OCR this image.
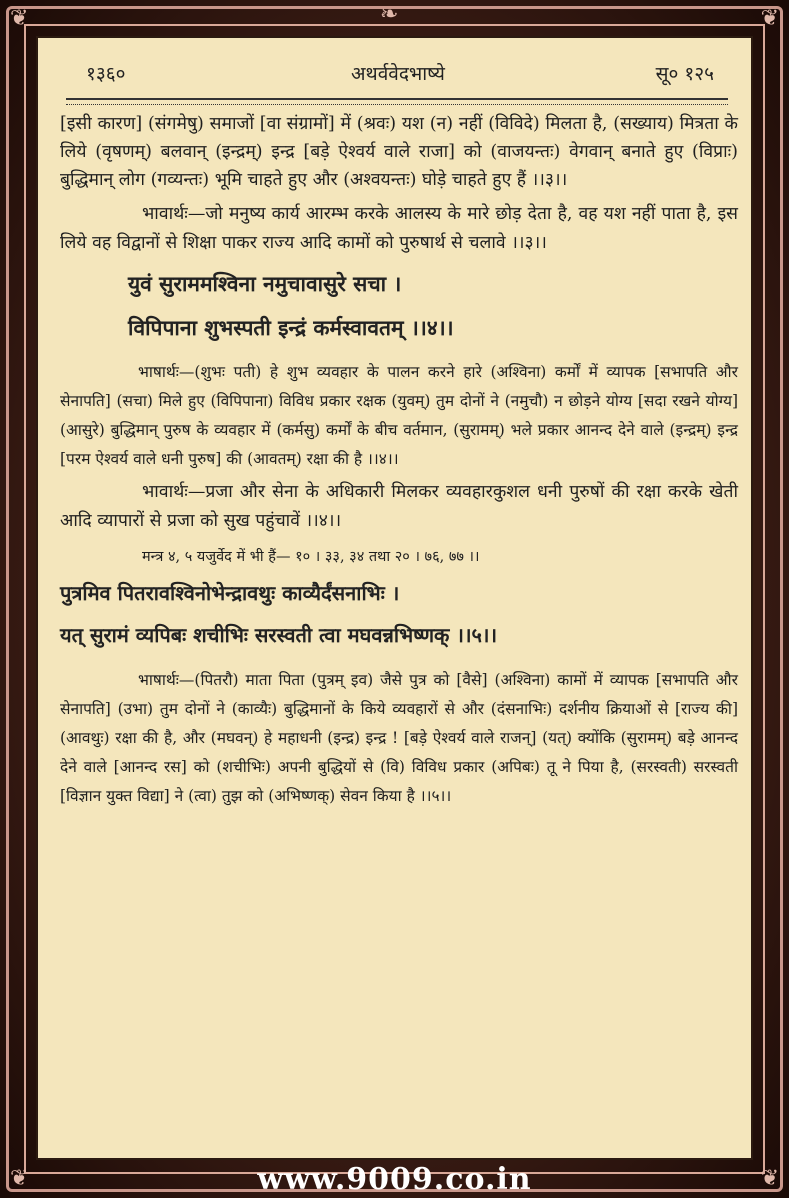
❦	❦
❦	❦
❧
१३६०	अथर्ववेदभाष्ये	सू० १२५

[इसी कारण] (संगमेषु) समाजों [वा संग्रामों] में (श्रवः) यश (न) नहीं (विविदे) मिलता है, (सख्याय) मित्रता के लिये (वृषणम्) बलवान् (इन्द्रम्) इन्द्र [बड़े ऐश्वर्य वाले राजा] को (वाजयन्तः) वेगवान् बनाते हुए (विप्राः) बुद्धिमान् लोग (गव्यन्तः) भूमि चाहते हुए और (अश्वयन्तः) घोड़े चाहते हुए हैं ।।३।।

भावार्थः—जो मनुष्य कार्य आरम्भ करके आलस्य के मारे छोड़ देता है, वह यश नहीं पाता है, इस लिये वह विद्वानों से शिक्षा पाकर राज्य आदि कामों को पुरुषार्थ से चलावे ।।३।।

युवं सुराममश्विना नमुचावासुरे सचा ।
विपिपाना शुभस्पती इन्द्रं कर्मस्वावतम् ।।४।।

भाषार्थः—(शुभः पती) हे शुभ व्यवहार के पालन करने हारे (अश्विना) कर्मों में व्यापक [सभापति और सेनापति] (सचा) मिले हुए (विपिपाना) विविध प्रकार रक्षक (युवम्) तुम दोनों ने (नमुचौ) न छोड़ने योग्य [सदा रखने योग्य] (आसुरे) बुद्धिमान् पुरुष के व्यवहार में (कर्मसु) कर्मों के बीच वर्तमान, (सुरामम्) भले प्रकार आनन्द देने वाले (इन्द्रम्) इन्द्र [परम ऐश्वर्य वाले धनी पुरुष] की (आवतम्) रक्षा की है ।।४।।

भावार्थः—प्रजा और सेना के अधिकारी मिलकर व्यवहारकुशल धनी पुरुषों की रक्षा करके खेती आदि व्यापारों से प्रजा को सुख पहुंचावें ।।४।।

मन्त्र ४, ५ यजुर्वेद में भी हैं— १० । ३३, ३४ तथा २० । ७६, ७७ ।।
पुत्रमिव पितरावश्विनोभेन्द्रावथुः काव्यैर्दंसनाभिः ।
यत् सुरामं व्यपिबः शचीभिः सरस्वती त्वा मघवन्नभिष्णक् ।।५।।

भाषार्थः—(पितरौ) माता पिता (पुत्रम् इव) जैसे पुत्र को [वैसे] (अश्विना) कामों में व्यापक [सभापति और सेनापति] (उभा) तुम दोनों ने (काव्यैः) बुद्धिमानों के किये व्यवहारों से और (दंसनाभिः) दर्शनीय क्रियाओं से [राज्य की] (आवथुः) रक्षा की है, और (मघवन्) हे महाधनी (इन्द्र) इन्द्र ! [बड़े ऐश्वर्य वाले राजन्] (यत्) क्योंकि (सुरामम्) बड़े आनन्द देने वाले [आनन्द रस] को (शचीभिः) अपनी बुद्धियों से (वि) विविध प्रकार (अपिबः) तू ने पिया है, (सरस्वती) सरस्वती [विज्ञान युक्त विद्या] ने (त्वा) तुझ को (अभिष्णक्) सेवन किया है ।।५।।

www.9009.co.in
